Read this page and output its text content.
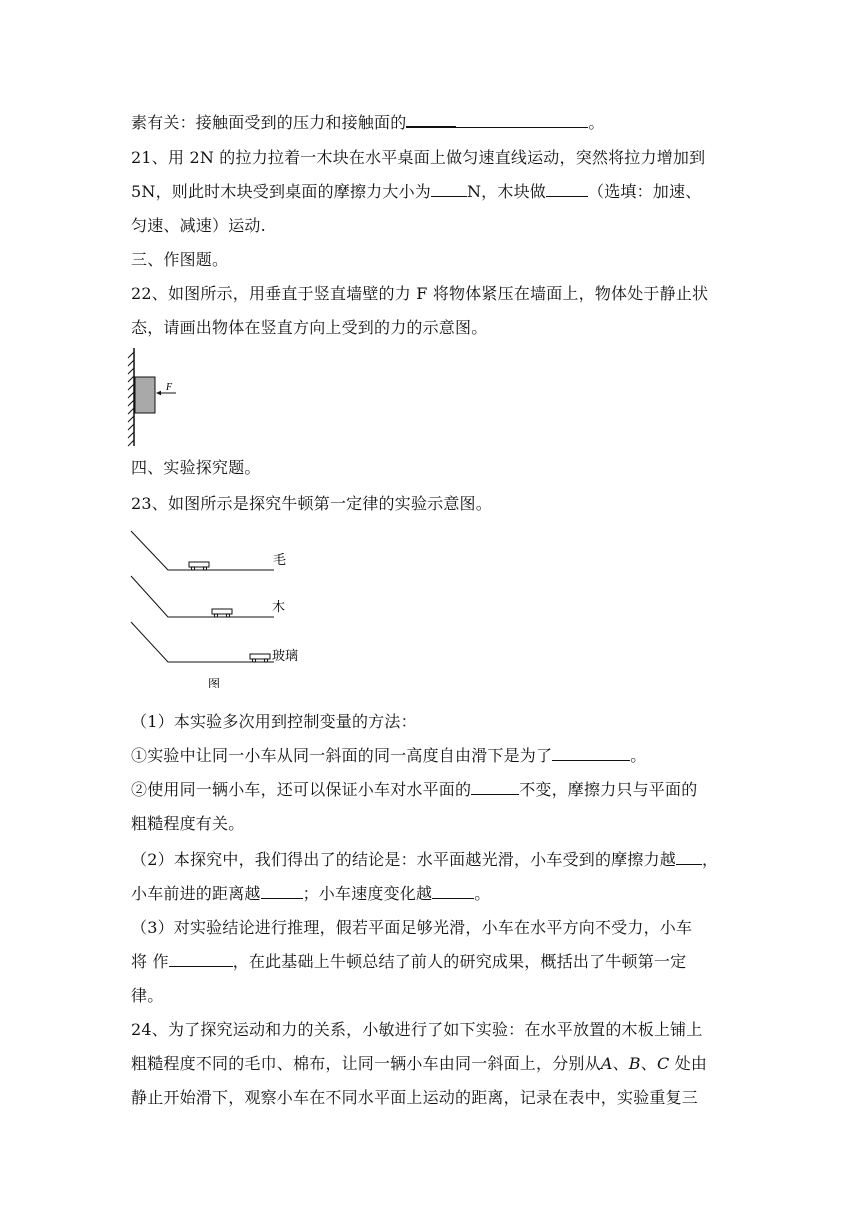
素有关：接触面受到的压力和接触面的	。
21、用 2N 的拉力拉着一木块在水平桌面上做匀速直线运动，突然将拉力增加到
5N，则此时木块受到桌面的摩擦力大小为 N，木块做	（选填：加速、
匀速、减速）运动.
三、作图题。
22、如图所示，用垂直于竖直墙壁的力 F 将物体紧压在墙面上，物体处于静止状
态，请画出物体在竖直方向上受到的力的示意图。
F
四、实验探究题。
23、如图所示是探究牛顿第一定律的实验示意图。
毛
木
玻璃
图
（1）本实验多次用到控制变量的方法：
①实验中让同一小车从同一斜面的同一高度自由滑下是为了	。
②使用同一辆小车，还可以保证小车对水平面的	不变，摩擦力只与平面的
粗糙程度有关。
（2）本探究中，我们得出了的结论是：水平面越光滑，小车受到的摩擦力越 ，
小车前进的距离越	；小车速度变化越	。
（3）对实验结论进行推理，假若平面足够光滑，小车在水平方向不受力，小车
将 作	，在此基础上牛顿总结了前人的研究成果，概括出了牛顿第一定
律。
24、为了探究运动和力的关系，小敏进行了如下实验：在水平放置的木板上铺上
粗糙程度不同的毛巾、棉布，让同一辆小车由同一斜面上，分别从A、B、C 处由
静止开始滑下，观察小车在不同水平面上运动的距离，记录在表中，实验重复三
